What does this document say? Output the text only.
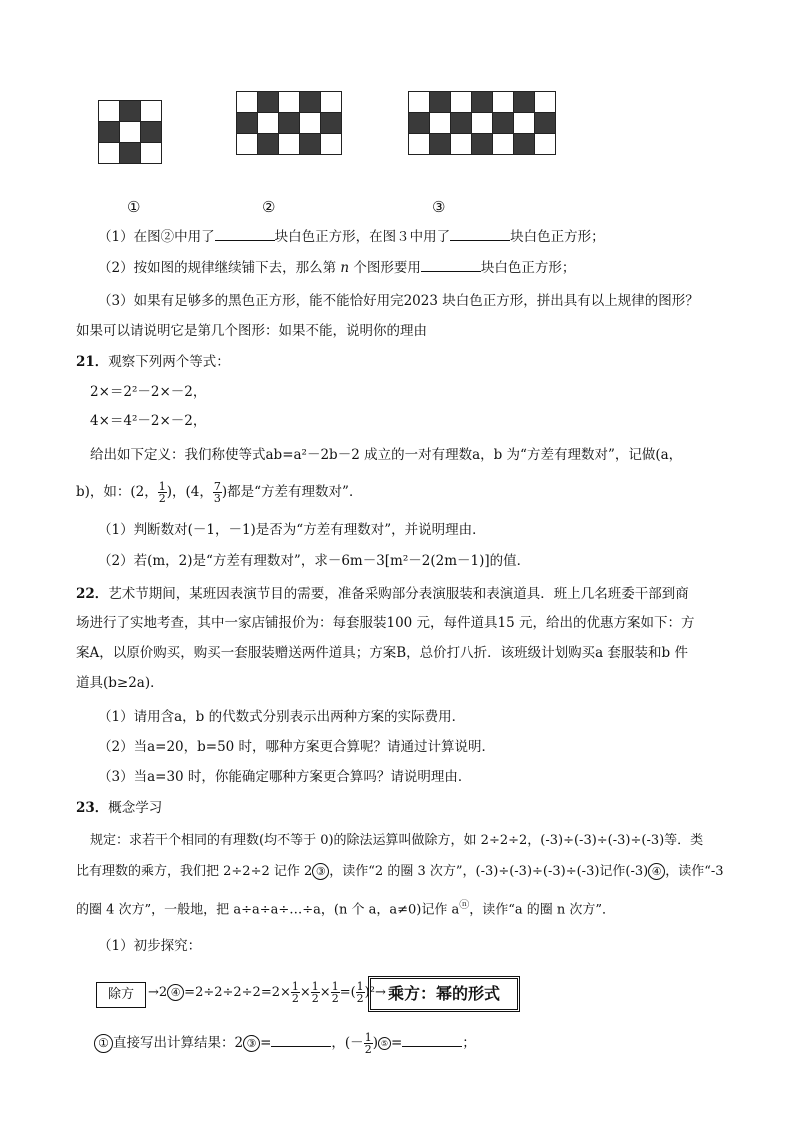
①	②	③
（1）在图②中用了	块白色正方形，在图３中用了	块白色正方形；
（2）按如图的规律继续铺下去，那么第 n 个图形要用	块白色正方形；
（3）如果有足够多的黑色正方形，能不能恰好用完2023 块白色正方形，拼出具有以上规律的图形？
如果可以请说明它是第几个图形：如果不能，说明你的理由
21．观察下列两个等式：
2×＝2²－2×－2，
4×＝4²－2×－2，
给出如下定义：我们称使等式ab=a²－2b－2 成立的一对有理数a，b 为“方差有理数对”，记做(a，
b)，如：(2， $\frac{1}{2}$ )，(4， $\frac{7}{3}$ )都是“方差有理数对”．
（1）判断数对(－1，－1)是否为“方差有理数对”，并说明理由．
（2）若(m，2)是“方差有理数对”，求－6m－3[m²－2(2m－1)]的值．
22．艺术节期间，某班因表演节目的需要，准备采购部分表演服装和表演道具．班上几名班委干部到商
场进行了实地考查，其中一家店铺报价为：每套服装100 元，每件道具15 元，给出的优惠方案如下：方
案A，以原价购买，购买一套服装赠送两件道具；方案B，总价打八折．该班级计划购买a 套服装和b 件
道具(b≥2a)．
（1）请用含a，b 的代数式分别表示出两种方案的实际费用．
（2）当a=20，b=50 时，哪种方案更合算呢？请通过计算说明．
（3）当a=30 时，你能确定哪种方案更合算吗？请说明理由．
23．概念学习
规定：求若干个相同的有理数(均不等于 0)的除法运算叫做除方，如 2÷2÷2，(-3)÷(-3)÷(-3)÷(-3)等．类
比有理数的乘方，我们把 2÷2÷2 记作 2 ③ ，读作“2 的圈 3 次方”，(-3)÷(-3)÷(-3)÷(-3)记作(-3) ④ ，读作“-3
的圈 4 次方”，一般地，把 a÷a÷a÷…÷a，(n 个 a，a≠0)记作 aⓝ，读作“a 的圈 n 次方”．
（1）初步探究：
除方	→2 ④ $=2\div 2\div 2\div 2=2\times \frac{1}{2} \times \frac{1}{2} \times \frac{1}{2}$ =( $\frac{1}{2} )^2\to$ 乘方：幂的形式
① 直接写出计算结果：2 ③ =	，(－ $\frac{1}{2}$ ) ⑤ =	；
